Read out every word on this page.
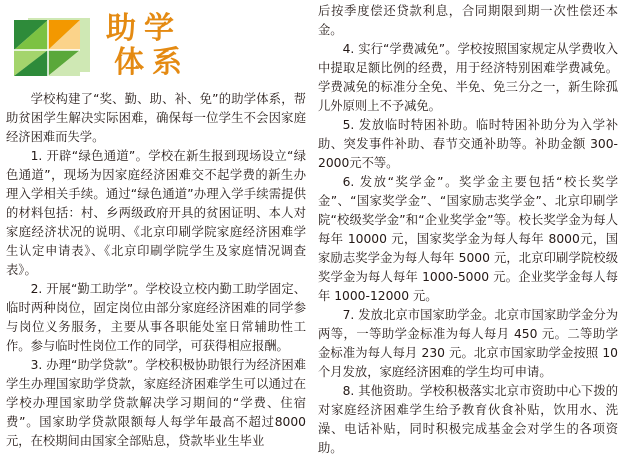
助学
体系

学校构建了“奖、勤、助、补、免”的助学体系，帮助贫困学生解决实际困难，确保每一位学生不会因家庭经济困难而失学。

1. 开辟“绿色通道”。学校在新生报到现场设立“绿色通道”，现场为因家庭经济困难交不起学费的新生办理入学相关手续。通过“绿色通道”办理入学手续需提供的材料包括：村、乡两级政府开具的贫困证明、本人对家庭经济状况的说明、《北京印刷学院家庭经济困难学生认定申请表》、《北京印刷学院学生及家庭情况调查表》。

2. 开展“勤工助学”。学校设立校内勤工助学固定、临时两种岗位，固定岗位由部分家庭经济困难的同学参与岗位义务服务，主要从事各职能处室日常辅助性工作。参与临时性岗位工作的同学，可获得相应报酬。

3. 办理“助学贷款”。学校积极协助银行为经济困难学生办理国家助学贷款，家庭经济困难学生可以通过在学校办理国家助学贷款解决学习期间的“学费、住宿费”。国家助学贷款限额每人每学年最高不超过8000 元，在校期间由国家全部贴息，贷款毕业生毕业

后按季度偿还贷款利息，合同期限到期一次性偿还本金。

4. 实行“学费减免”。学校按照国家规定从学费收入中提取足额比例的经费，用于经济特别困难学费减免。学费减免的标准分全免、半免、免三分之一，新生除孤儿外原则上不予减免。

5. 发放临时特困补助。临时特困补助分为入学补助、突发事件补助、春节交通补助等。补助金额 300-2000元不等。

6. 发放“奖学金”。奖学金主要包括“校长奖学金”、“国家奖学金”、“国家励志奖学金”、北京印刷学院“校级奖学金”和“企业奖学金”等。校长奖学金为每人每年 10000 元，国家奖学金为每人每年 8000元，国家励志奖学金为每人每年 5000 元，北京印刷学院校级奖学金为每人每年 1000-5000 元。企业奖学金每人每年 1000-12000 元。

7. 发放北京市国家助学金。北京市国家助学金分为两等，一等助学金标准为每人每月 450 元。二等助学金标准为每人每月 230 元。北京市国家助学金按照 10 个月发放，家庭经济困难的学生均可申请。

8. 其他资助。学校积极落实北京市资助中心下拨的对家庭经济困难学生给予教育伙食补贴，饮用水、洗澡、电话补贴，同时积极完成基金会对学生的各项资助。
